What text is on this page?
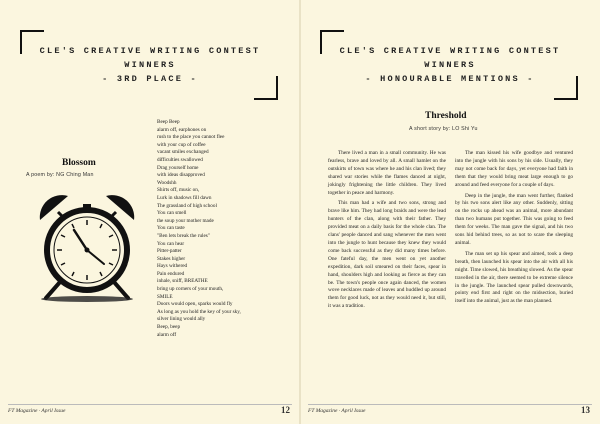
CLE'S CREATIVE WRITING CONTEST
WINNERS
- 3RD PLACE -
Blossom
A poem by: NG Ching Man
Beep Beep
alarm off, earphones on
rush to the place you cannot flee
with your cup of coffee
vacant smiles exchanged
difficulties swallowed
Drag yourself home
with ideas disapproved
Woodshh
Shirts off, music on,
Lurk in shadows fill dawn
The grassland of high school
You can smell
the soup your mother made
You can taste
"Ben lets break the rules"
You can hear
Pitter-patter
Stakes higher
Hays withered
Pain endured
inhale, sniff, BREATHE
bring up corners of your mouth,
SMILE
Doors would open, sparks would fly
As long as you hold the key of your sky,
silver lining would ally
Beep, beep
alarm off
FT Magazine · April Issue	12
CLE'S CREATIVE WRITING CONTEST
WINNERS
- HONOURABLE MENTIONS -
Threshold
A short story by: LO Shi Yu

There lived a man in a small community. He was fearless, brave and loved by all. A small hamlet on the outskirts of town was where he and his clan lived; they shared war stories while the flames danced at night, jokingly frightening the little children. They lived together in peace and harmony.

This man had a wife and two sons, strong and brave like him. They had long braids and were the lead hunters of the clan, along with their father. They provided meat on a daily basis for the whole clan. The clans' people danced and sang whenever the men went into the jungle to hunt because they knew they would come back successful as they did many times before. One fateful day, the men went on yet another expedition, dark soil smeared on their faces, spear in hand, shoulders high and looking as fierce as they can be. The town's people once again danced, the women wove necklaces made of leaves and huddled up around them for good luck, not as they would need it, but still, it was a tradition.

The man kissed his wife goodbye and ventured into the jungle with his sons by his side. Usually, they may not come back for days, yet everyone had faith in them that they would bring meat large enough to go around and feed everyone for a couple of days.

Deep in the jungle, the man went further, flanked by his two sons alert like any other. Suddenly, sitting on the rocks up ahead was an animal, more abundant than two humans put together. This was going to feed them for weeks. The man gave the signal, and his two sons hid behind trees, so as not to scare the sleeping animal.

The man set up his spear and aimed, took a deep breath, then launched his spear into the air with all his might. Time slowed, his breathing slowed. As the spear travelled in the air, there seemed to be extreme silence in the jungle. The launched spear pulled downwards, pointy end first and right on the midsection, buried itself into the animal, just as the man planned.

FT Magazine · April Issue	13
